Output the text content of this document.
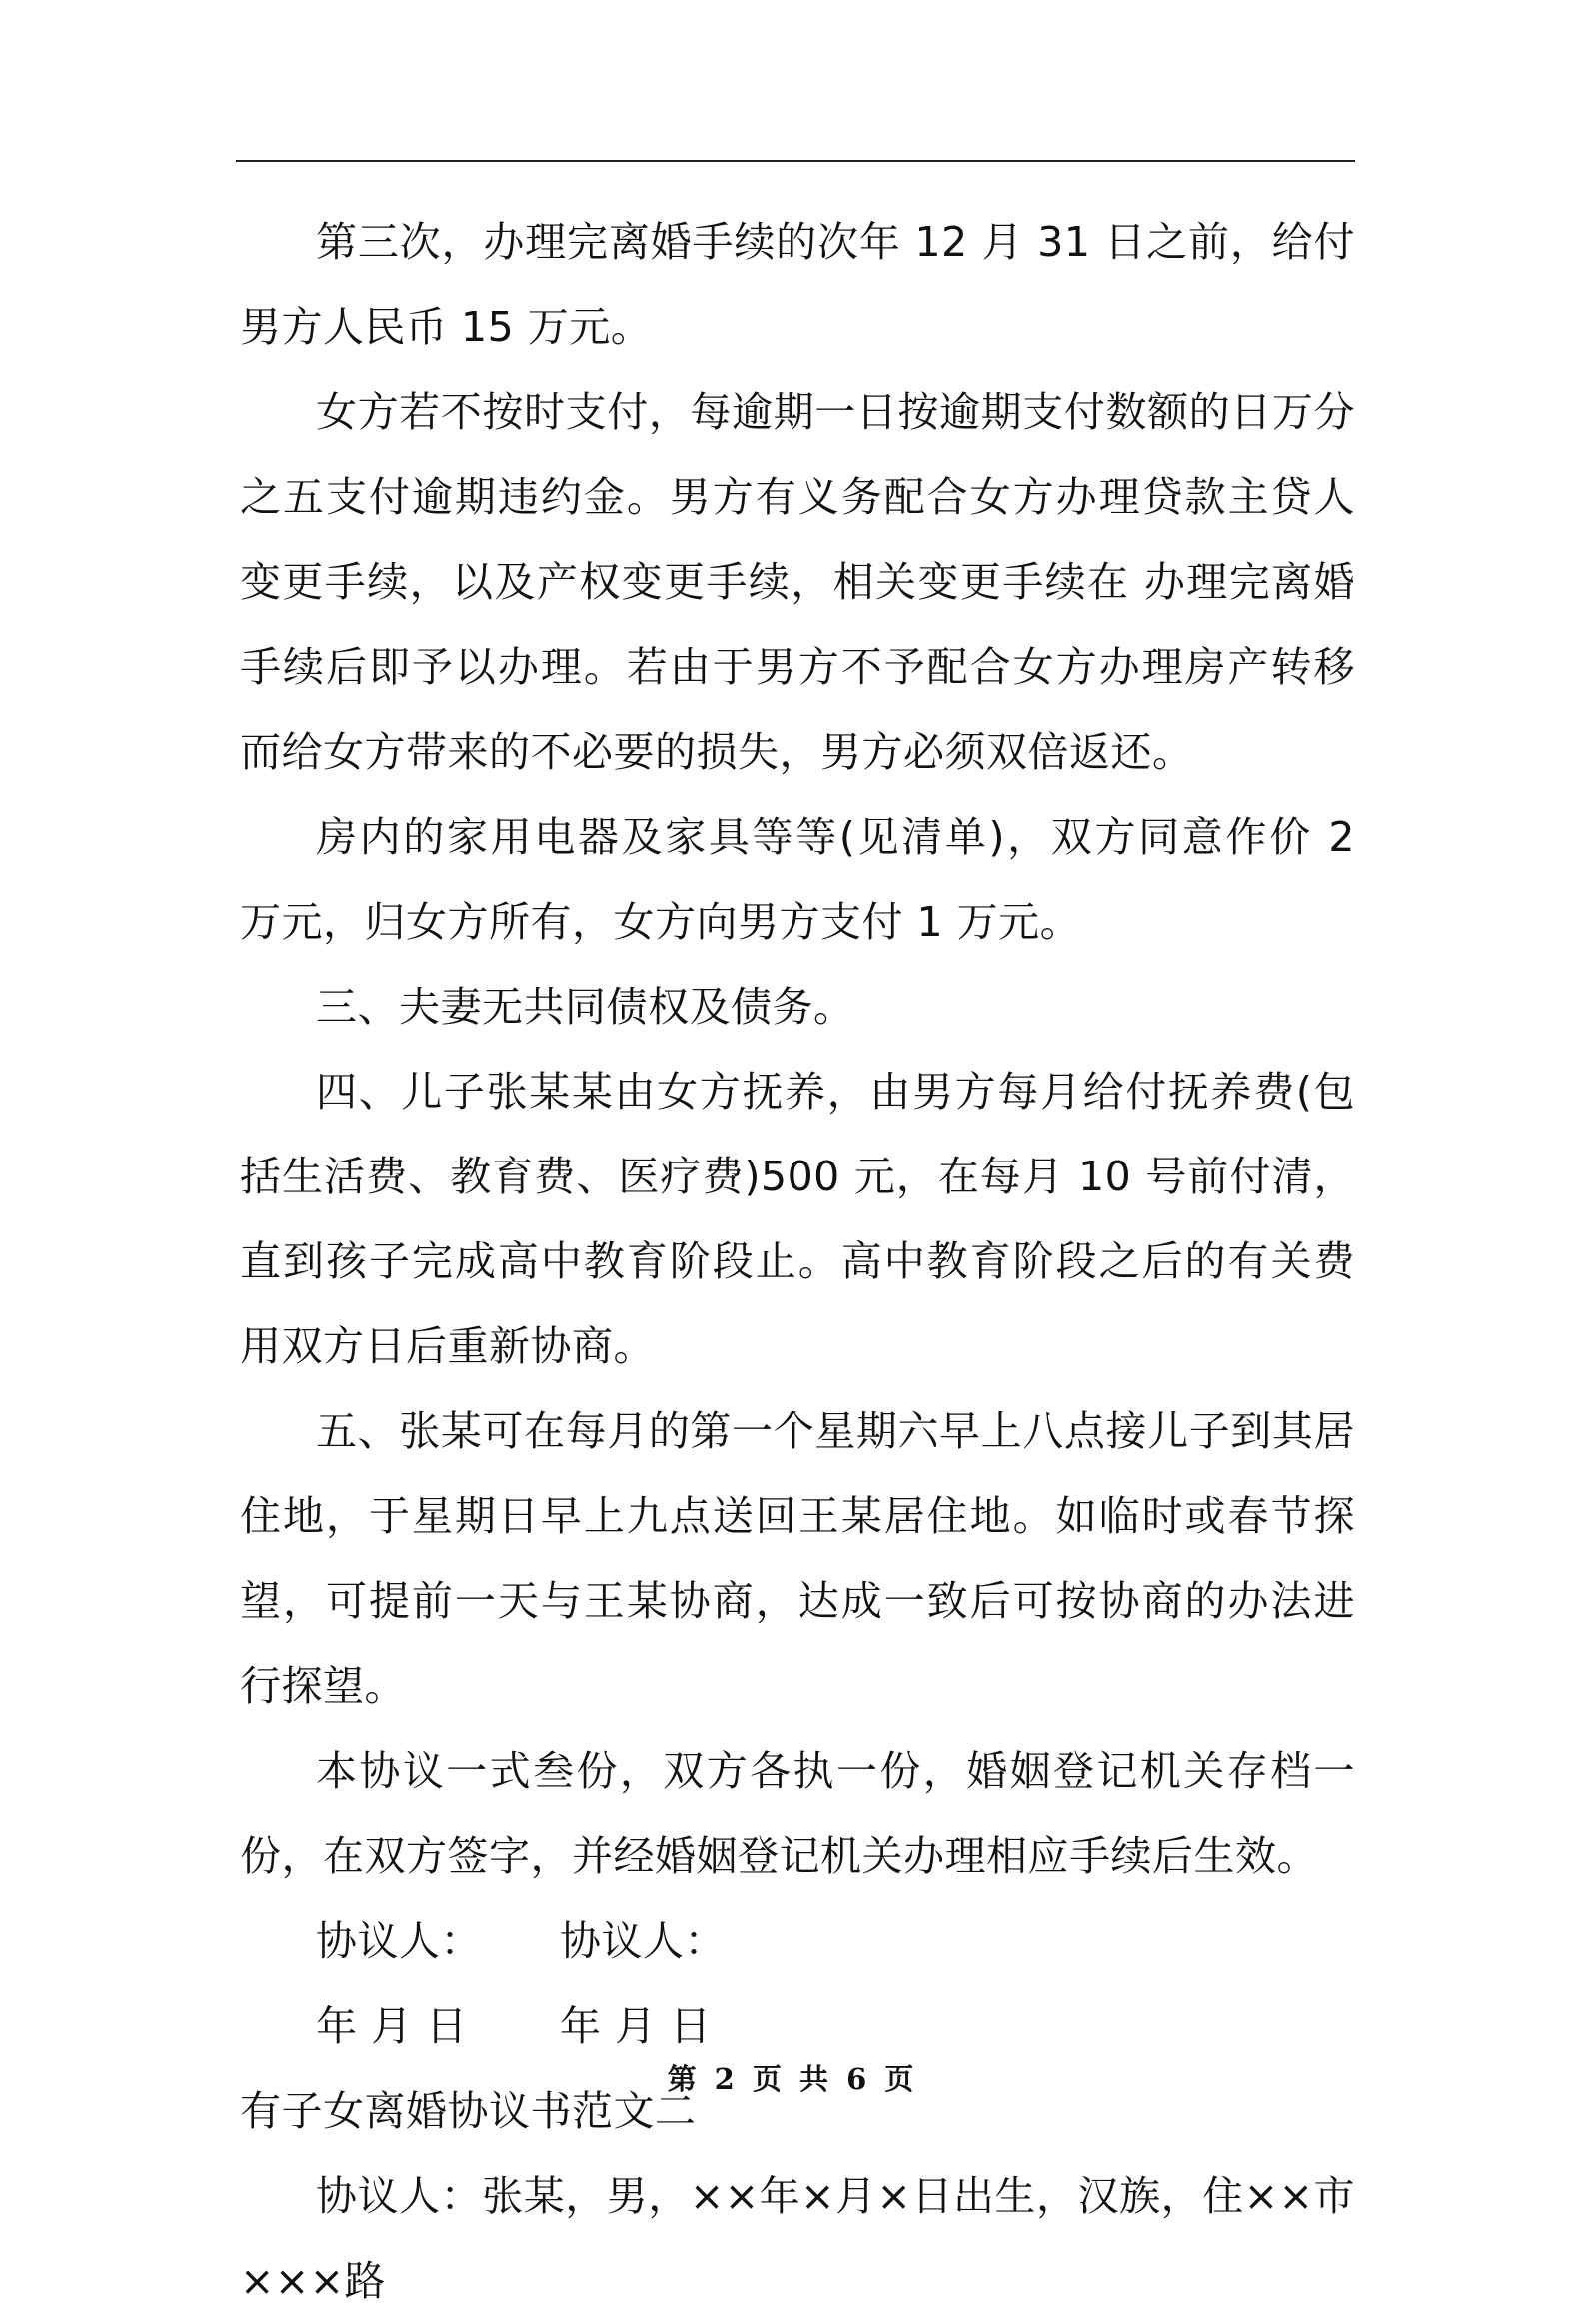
第三次，办理完离婚手续的次年 12 月 31 日之前，给付男方人民币 15 万元。

女方若不按时支付，每逾期一日按逾期支付数额的日万分之五支付逾期违约金。男方有义务配合女方办理贷款主贷人变更手续，以及产权变更手续，相关变更手续在 办理完离婚手续后即予以办理。若由于男方不予配合女方办理房产转移而给女方带来的不必要的损失，男方必须双倍返还。

房内的家用电器及家具等等(见清单)，双方同意作价 2 万元，归女方所有，女方向男方支付 1 万元。

三、夫妻无共同债权及债务。

四、儿子张某某由女方抚养，由男方每月给付抚养费(包括生活费、教育费、医疗费)500 元，在每月 10 号前付清，直到孩子完成高中教育阶段止。高中教育阶段之后的有关费用双方日后重新协商。

五、张某可在每月的第一个星期六早上八点接儿子到其居住地，于星期日早上九点送回王某居住地。如临时或春节探望，可提前一天与王某协商，达成一致后可按协商的办法进行探望。

本协议一式叁份，双方各执一份，婚姻登记机关存档一份，在双方签字，并经婚姻登记机关办理相应手续后生效。

协议人： 协议人：
年 月 日 年 月 日

有子女离婚协议书范文二

协议人：张某，男，××年×月×日出生，汉族，住××市×××路

第 2 页 共 6 页
